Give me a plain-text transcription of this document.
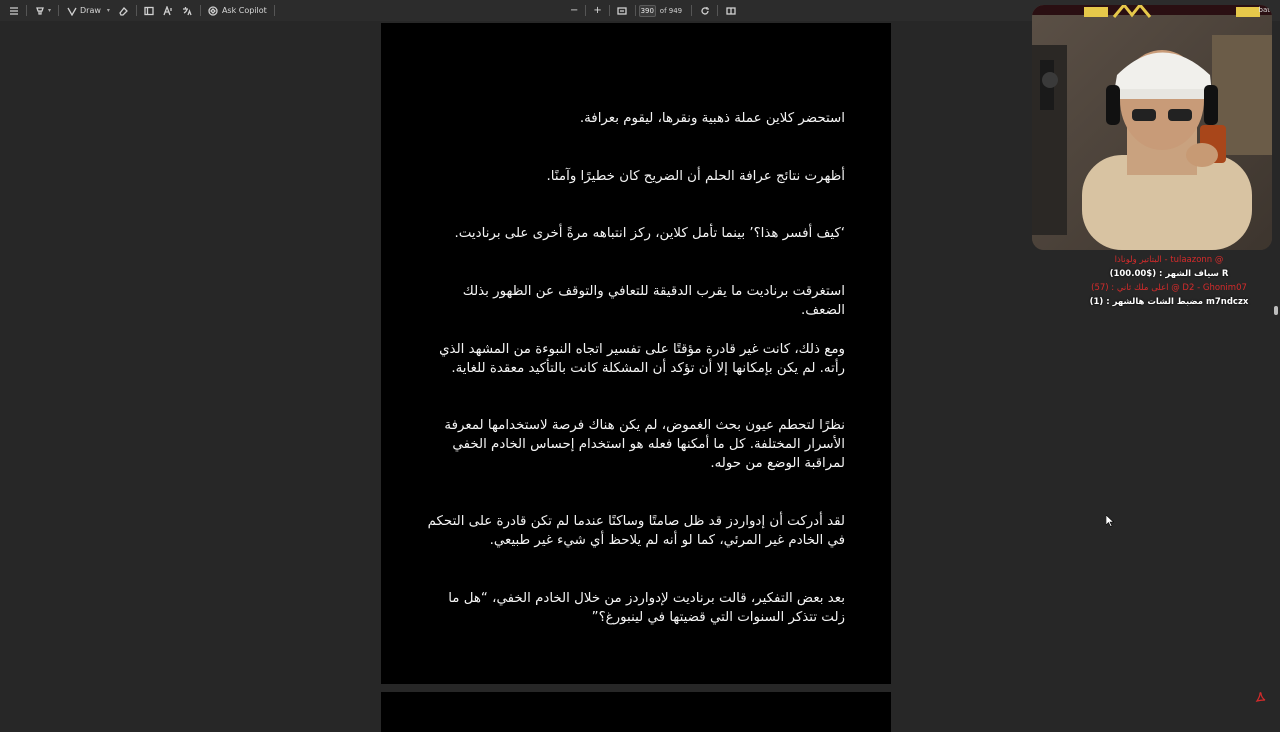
▾	Draw ▾	Ask Copilot	− +
390	of 949

استحضر كلاين عملة ذهبية ونقرها، ليقوم بعرافة.

أظهرت نتائج عرافة الحلم أن الضريح كان خطيرًا وآمنًا.

‘كيف أفسر هذا؟’ بينما تأمل كلاين، ركز انتباهه مرةً أخرى على برناديت.

استغرقت برناديت ما يقرب الدقيقة للتعافي والتوقف عن الظهور بذلك الضعف.

ومع ذلك، كانت غير قادرة مؤقتًا على تفسير اتجاه النبوءة من المشهد الذي رأته. لم يكن بإمكانها إلا أن تؤكد أن المشكلة كانت بالتأكيد معقدة للغاية.

نظرًا لتحطم عيون بحث الغموض، لم يكن هناك فرصة لاستخدامها لمعرفة الأسرار المختلفة. كل ما أمكنها فعله هو استخدام إحساس الخادم الخفي لمراقبة الوضع من حوله.

لقد أدركت أن إدواردز قد ظل صامتًا وساكنًا عندما لم تكن قادرة على التحكم في الخادم غير المرئي، كما لو أنه لم يلاحظ أي شيء غير طبيعي.

بعد بعض التفكير، قالت برناديت لإدواردز من خلال الخادم الخفي، “هل ما زلت تتذكر السنوات التي قضيتها في لينبورغ؟”

bat
‏البتاتير ولوناذا‏ - tulaazonn ‏@
سياف الشهر : ($100.00) R
‏@ اعلى ملك ثاني : (57) D2 - Ghonim07
مضبط الشات هالشهر : (1) m7ndczx
